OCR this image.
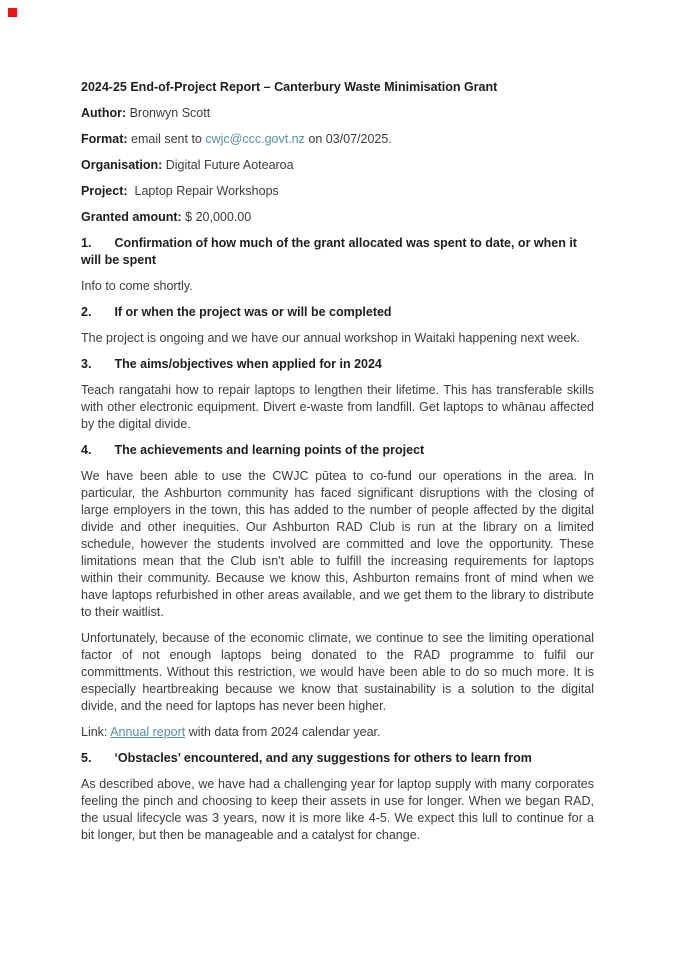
2024-25 End-of-Project Report – Canterbury Waste Minimisation Grant

Author: Bronwyn Scott

Format: email sent to cwjc@ccc.govt.nz on 03/07/2025.

Organisation: Digital Future Aotearoa

Project:  Laptop Repair Workshops

Granted amount: $ 20,000.00

1. Confirmation of how much of the grant allocated was spent to date, or when it will be spent

Info to come shortly.

2. If or when the project was or will be completed

The project is ongoing and we have our annual workshop in Waitaki happening next week.

3. The aims/objectives when applied for in 2024

Teach rangatahi how to repair laptops to lengthen their lifetime. This has transferable skills with other electronic equipment. Divert e-waste from landfill. Get laptops to whānau affected by the digital divide.

4. The achievements and learning points of the project

We have been able to use the CWJC pūtea to co-fund our operations in the area. In particular, the Ashburton community has faced significant disruptions with the closing of large employers in the town, this has added to the number of people affected by the digital divide and other inequities. Our Ashburton RAD Club is run at the library on a limited schedule, however the students involved are committed and love the opportunity. These limitations mean that the Club isn't able to fulfill the increasing requirements for laptops within their community. Because we know this, Ashburton remains front of mind when we have laptops refurbished in other areas available, and we get them to the library to distribute to their waitlist.

Unfortunately, because of the economic climate, we continue to see the limiting operational factor of not enough laptops being donated to the RAD programme to fulfil our committments. Without this restriction, we would have been able to do so much more. It is especially heartbreaking because we know that sustainability is a solution to the digital divide, and the need for laptops has never been higher.

Link: Annual report with data from 2024 calendar year.

5. ‘Obstacles’ encountered, and any suggestions for others to learn from

As described above, we have had a challenging year for laptop supply with many corporates feeling the pinch and choosing to keep their assets in use for longer. When we began RAD, the usual lifecycle was 3 years, now it is more like 4-5. We expect this lull to continue for a bit longer, but then be manageable and a catalyst for change.
